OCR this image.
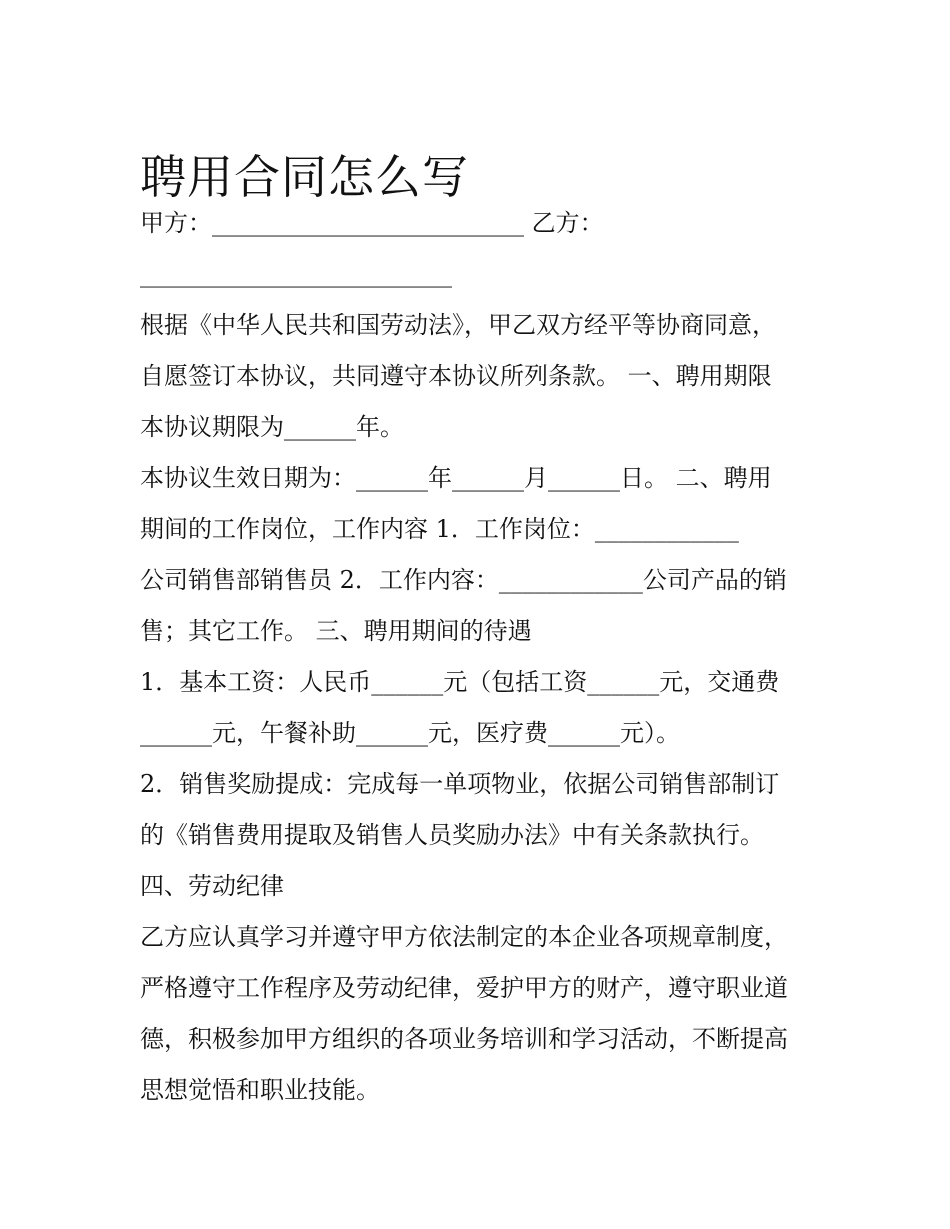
聘用合同怎么写
甲方：__________________________ 乙方：
__________________________
根据《中华人民共和国劳动法》，甲乙双方经平等协商同意，
自愿签订本协议，共同遵守本协议所列条款。 一、聘用期限
本协议期限为______年。
本协议生效日期为：______年______月______日。 二、聘用
期间的工作岗位，工作内容 1．工作岗位：____________
公司销售部销售员 2．工作内容：____________公司产品的销
售；其它工作。 三、聘用期间的待遇
1．基本工资：人民币______元（包括工资______元，交通费
______元，午餐补助______元，医疗费______元）。
2．销售奖励提成：完成每一单项物业，依据公司销售部制订
的《销售费用提取及销售人员奖励办法》中有关条款执行。
四、劳动纪律
乙方应认真学习并遵守甲方依法制定的本企业各项规章制度，
严格遵守工作程序及劳动纪律，爱护甲方的财产，遵守职业道
德，积极参加甲方组织的各项业务培训和学习活动，不断提高
思想觉悟和职业技能。
